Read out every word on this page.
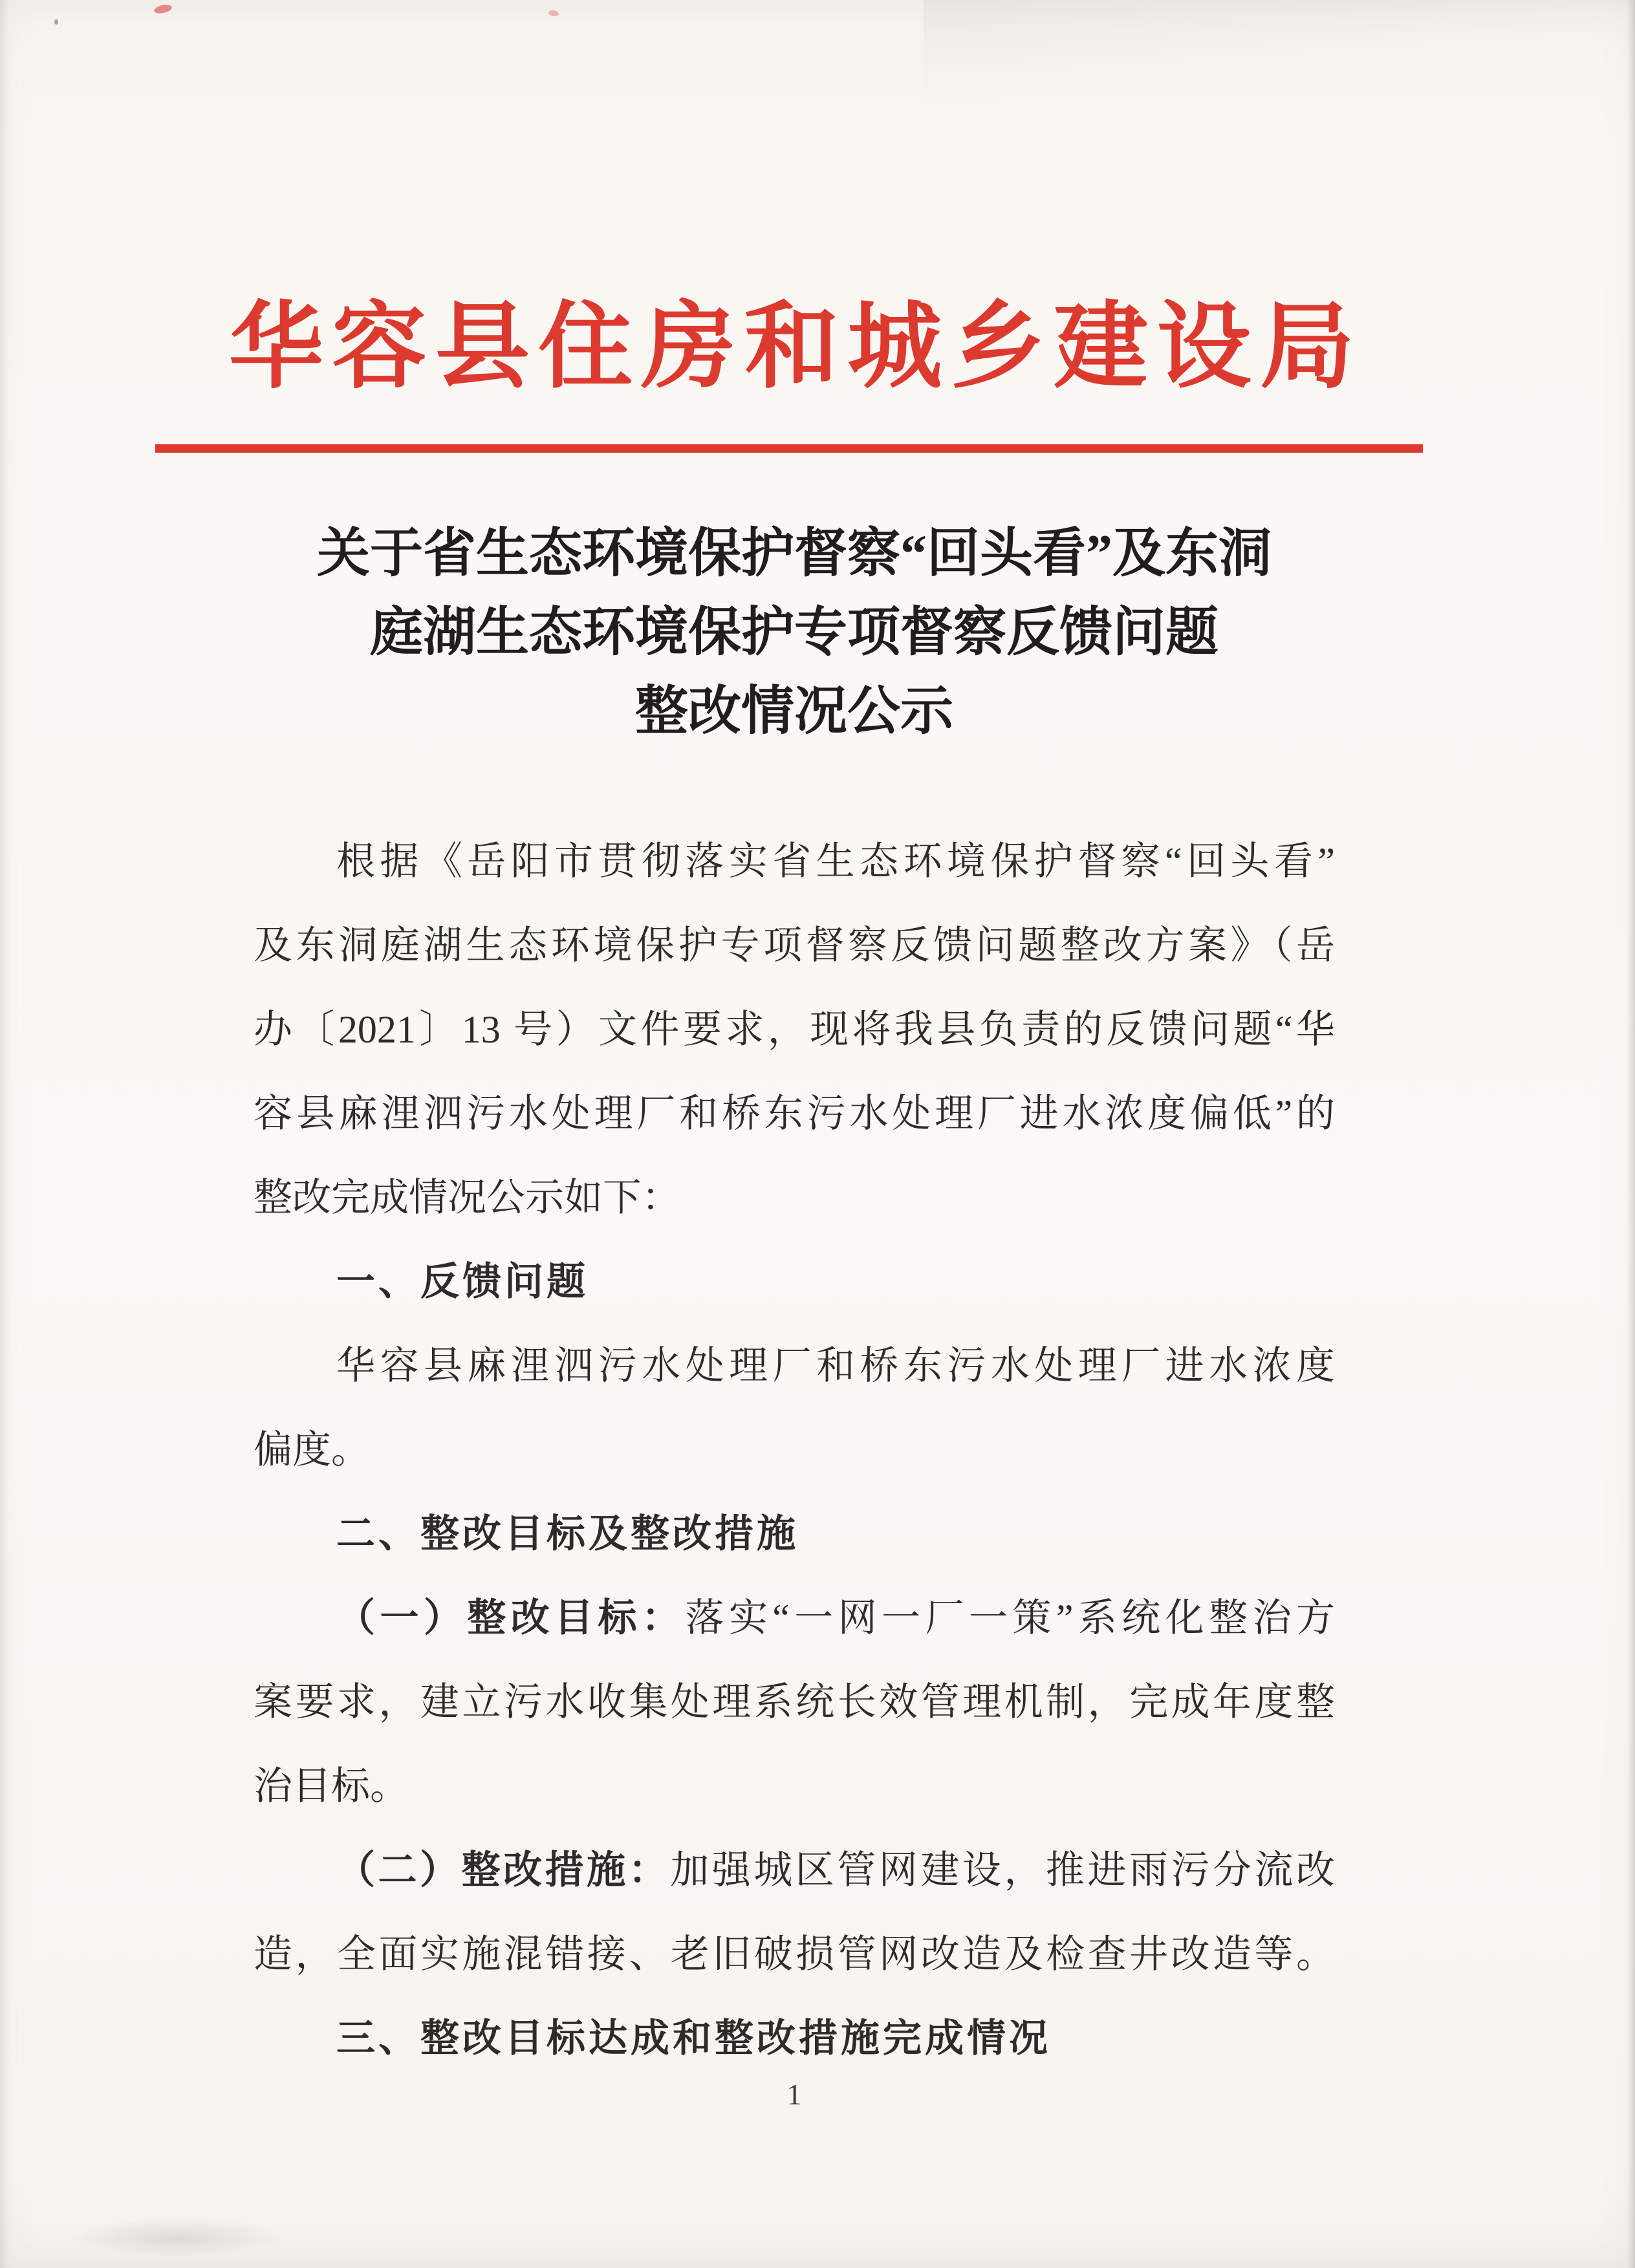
华容县住房和城乡建设局
关于省生态环境保护督察“回头看”及东洞
庭湖生态环境保护专项督察反馈问题
整改情况公示
根据《岳阳市贯彻落实省生态环境保护督察“回头看”
及东洞庭湖生态环境保护专项督察反馈问题整改方案》（岳
办〔2021〕13 号）文件要求，现将我县负责的反馈问题“华
容县麻浬泗污水处理厂和桥东污水处理厂进水浓度偏低”的
整改完成情况公示如下：
一、反馈问题
华容县麻浬泗污水处理厂和桥东污水处理厂进水浓度
偏度。
二、整改目标及整改措施
（一）整改目标：落实“一网一厂一策”系统化整治方
案要求，建立污水收集处理系统长效管理机制，完成年度整
治目标。
（二）整改措施：加强城区管网建设，推进雨污分流改
造，全面实施混错接、老旧破损管网改造及检查井改造等。
三、整改目标达成和整改措施完成情况
1
